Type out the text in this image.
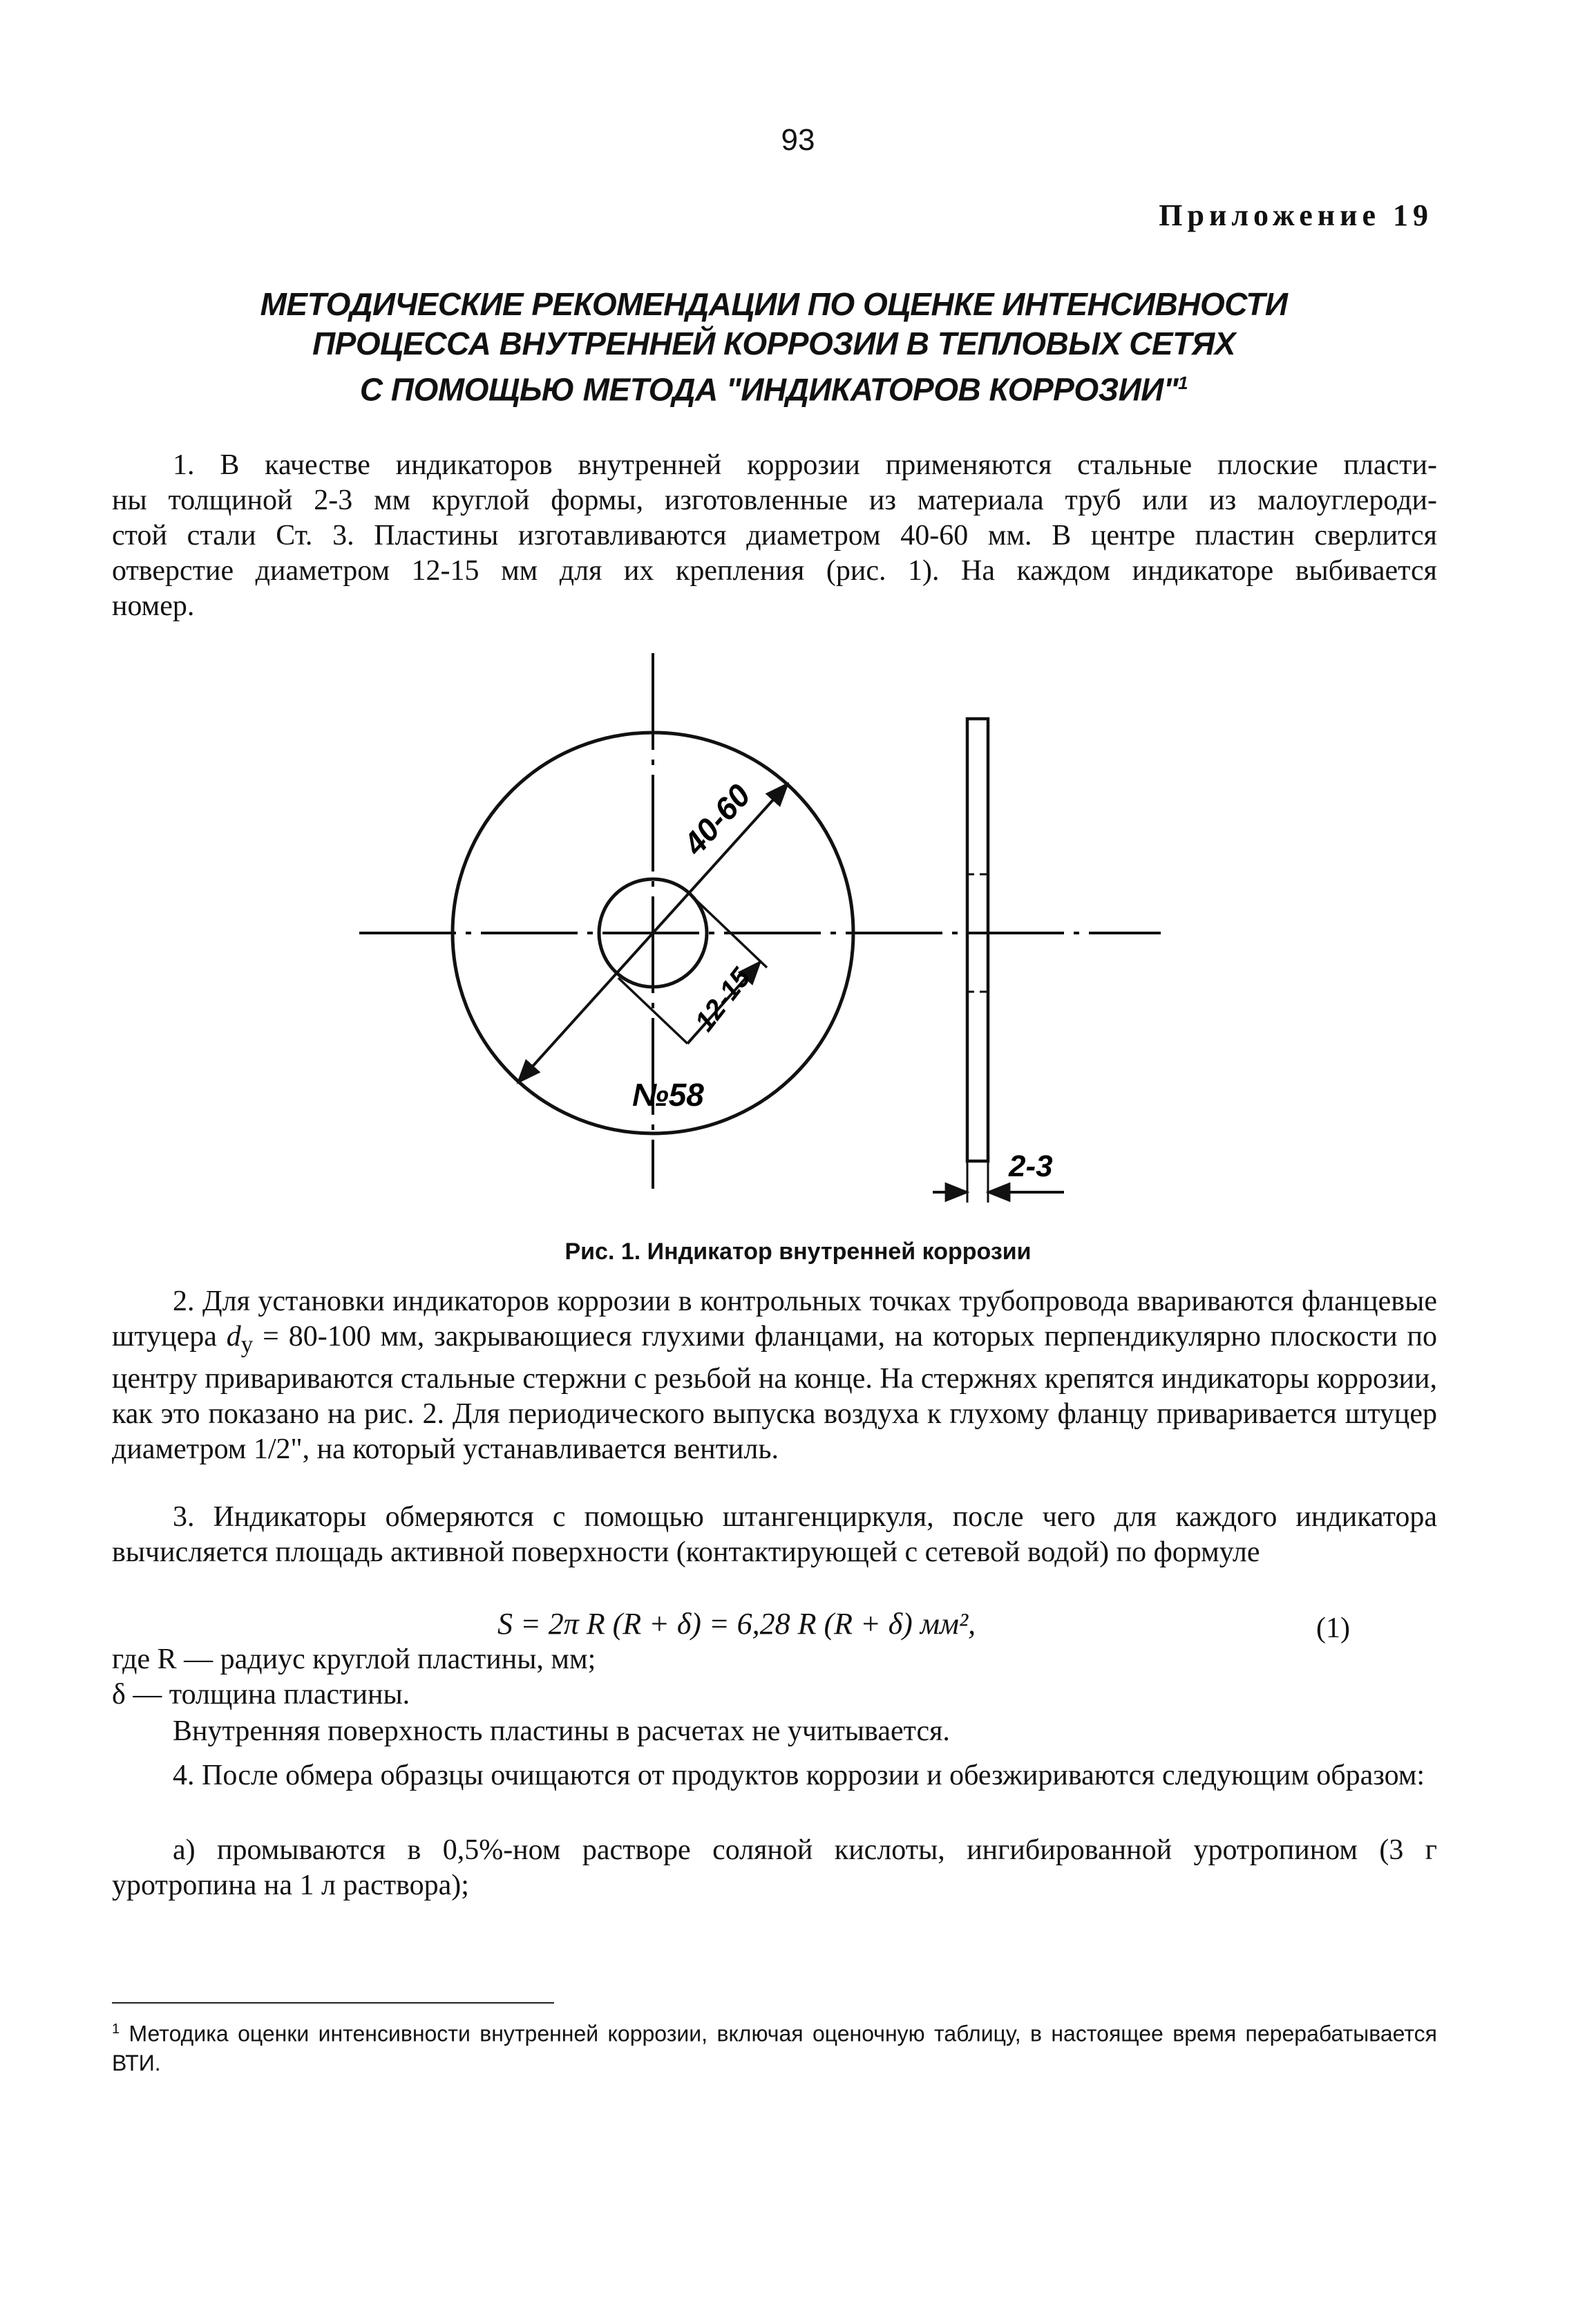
93
Приложение 19
МЕТОДИЧЕСКИЕ РЕКОМЕНДАЦИИ ПО ОЦЕНКЕ ИНТЕНСИВНОСТИ
ПРОЦЕССА ВНУТРЕННЕЙ КОРРОЗИИ В ТЕПЛОВЫХ СЕТЯХ
С ПОМОЩЬЮ МЕТОДА "ИНДИКАТОРОВ КОРРОЗИИ"$^1$
1. В качестве индикаторов внутренней коррозии применяются стальные плоские пласти-
ны толщиной 2-3 мм круглой формы, изготовленные из материала труб или из малоуглероди-
стой стали Ст. 3. Пластины изготавливаются диаметром 40-60 мм. В центре пластин сверлится
отверстие диаметром 12-15 мм для их крепления (рис. 1). На каждом индикаторе выбивается
номер.
40-60
12-15
№58
2-3
Рис. 1. Индикатор внутренней коррозии

2. Для установки индикаторов коррозии в контрольных точках трубопровода ввариваются фланцевые штуцера $d_у = 80-100$ мм, закрывающиеся глухими фланцами, на которых перпендикулярно плоскости по центру привариваются стальные стержни с резьбой на конце. На стержнях крепятся индикаторы коррозии, как это показано на рис. 2. Для периодического выпуска воздуха к глухому фланцу приваривается штуцер диаметром 1/2", на который устанавливается вентиль.

3. Индикаторы обмеряются с помощью штангенциркуля, после чего для каждого индикатора вычисляется площадь активной поверхности (контактирующей с сетевой водой) по формуле

S = 2π R (R + δ) = 6,28 R (R + δ) мм²,	(1)
где R — радиус круглой пластины, мм;
δ — толщина пластины.

Внутренняя поверхность пластины в расчетах не учитывается.

4. После обмера образцы очищаются от продуктов коррозии и обезжириваются следующим образом:

а) промываются в 0,5%-ном растворе соляной кислоты, ингибированной уротропином (3 г уротропина на 1 л раствора);

$^1$ Методика оценки интенсивности внутренней коррозии, включая оценочную таблицу, в настоящее время перерабатывается ВТИ.
